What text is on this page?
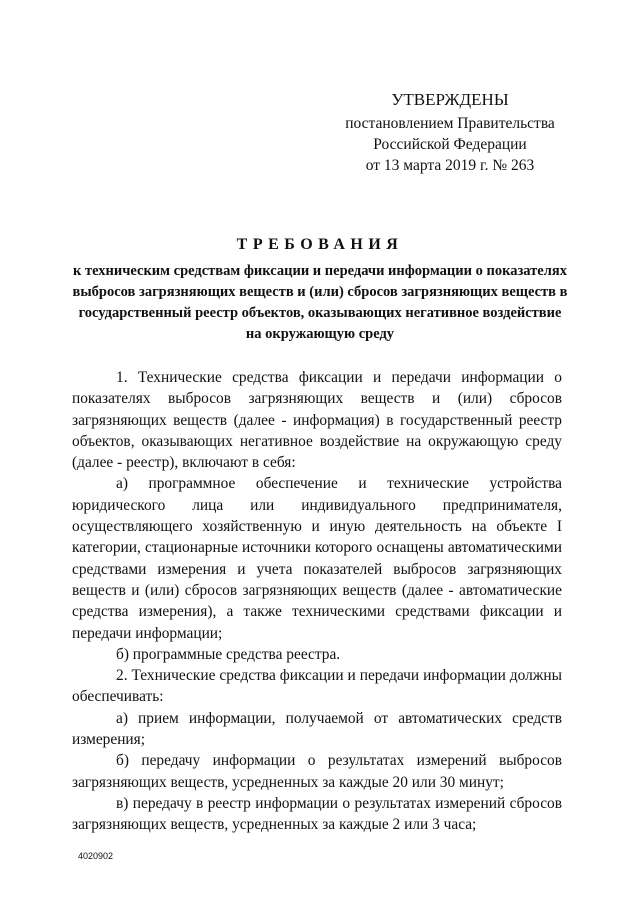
УТВЕРЖДЕНЫ
постановлением Правительства
Российской Федерации
от 13 марта 2019 г. № 263
ТРЕБОВАНИЯ
к техническим средствам фиксации и передачи информации о показателях выбросов загрязняющих веществ и (или) сбросов загрязняющих веществ в государственный реестр объектов, оказывающих негативное воздействие на окружающую среду

1. Технические средства фиксации и передачи информации о показателях выбросов загрязняющих веществ и (или) сбросов загрязняющих веществ (далее - информация) в государственный реестр объектов, оказывающих негативное воздействие на окружающую среду (далее - реестр), включают в себя:

а) программное обеспечение и технические устройства юридического лица или индивидуального предпринимателя, осуществляющего хозяйственную и иную деятельность на объекте I категории, стационарные источники которого оснащены автоматическими средствами измерения и учета показателей выбросов загрязняющих веществ и (или) сбросов загрязняющих веществ (далее - автоматические средства измерения), а также техническими средствами фиксации и передачи информации;

б) программные средства реестра.

2. Технические средства фиксации и передачи информации должны обеспечивать:

а) прием информации, получаемой от автоматических средств измерения;

б) передачу информации о результатах измерений выбросов загрязняющих веществ, усредненных за каждые 20 или 30 минут;

в) передачу в реестр информации о результатах измерений сбросов загрязняющих веществ, усредненных за каждые 2 или 3 часа;

4020902
